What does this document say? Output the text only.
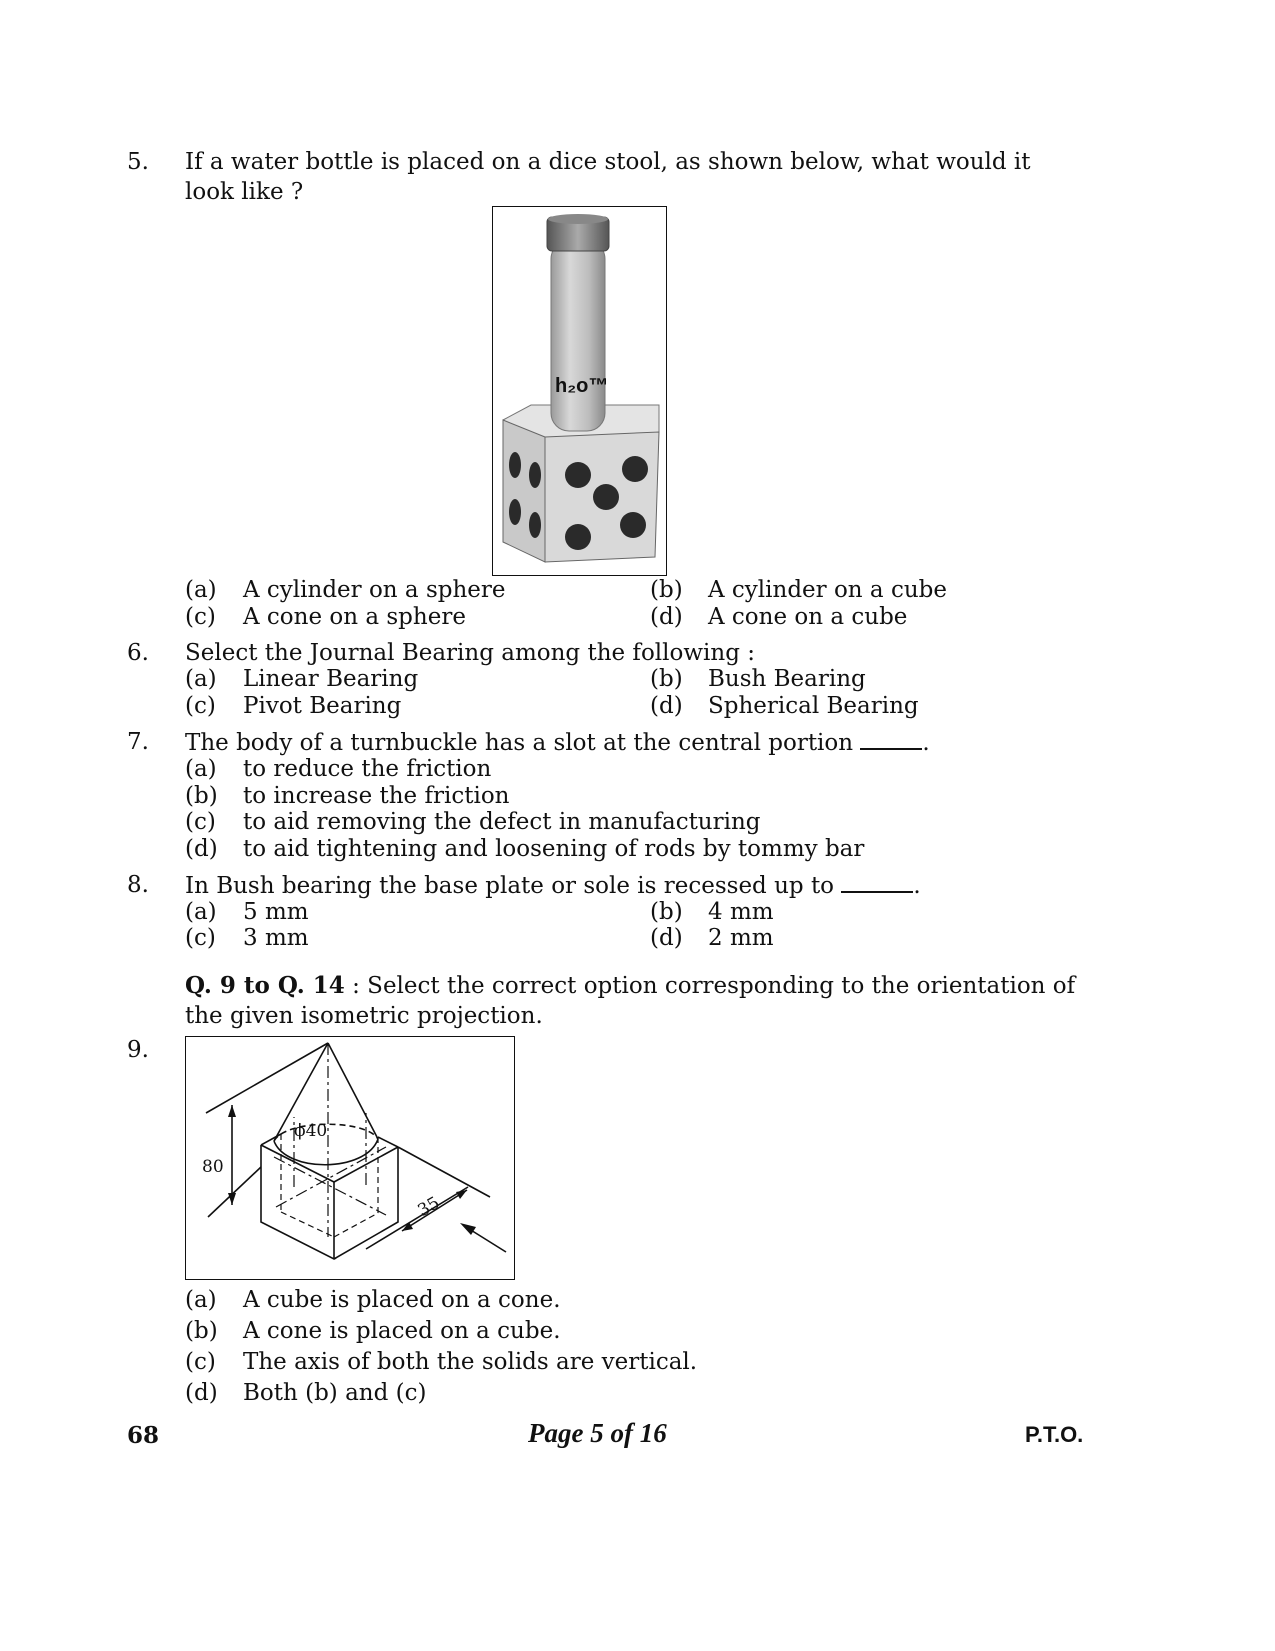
5. If a water bottle is placed on a dice stool, as shown below, what would it
look like ?
h₂o™
(a) A cylinder on a sphere	(b) A cylinder on a cube
(c) A cone on a sphere	(d) A cone on a cube
6. Select the Journal Bearing among the following :
(a) Linear Bearing	(b) Bush Bearing
(c) Pivot Bearing	(d) Spherical Bearing
7. The body of a turnbuckle has a slot at the central portion	.
(a) to reduce the friction
(b) to increase the friction
(c) to aid removing the defect in manufacturing
(d) to aid tightening and loosening of rods by tommy bar
8. In Bush bearing the base plate or sole is recessed up to	.
(a) 5 mm	(b) 4 mm
(c) 3 mm	(d) 2 mm
Q. 9 to Q. 14 : Select the correct option corresponding to the orientation of
the given isometric projection.
9.
80
ϕ40
35
(a) A cube is placed on a cone.
(b) A cone is placed on a cube.
(c) The axis of both the solids are vertical.
(d) Both (b) and (c)
68	Page 5 of 16	P.T.O.
